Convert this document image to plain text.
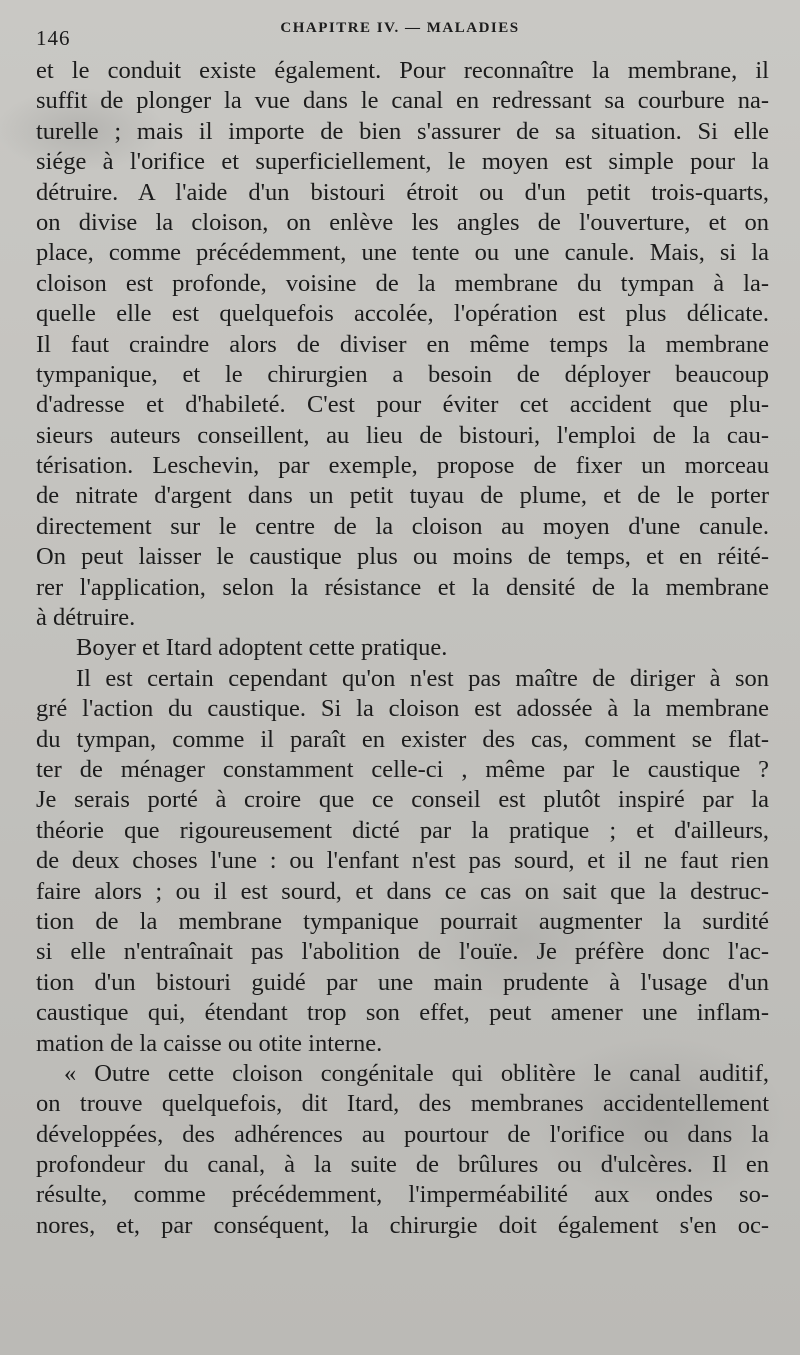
146	CHAPITRE IV. — MALADIES
et le conduit existe également. Pour reconnaître la membrane, il
suffit de plonger la vue dans le canal en redressant sa courbure na-
turelle ; mais il importe de bien s'assurer de sa situation. Si elle
siége à l'orifice et superficiellement, le moyen est simple pour la
détruire. A l'aide d'un bistouri étroit ou d'un petit trois-quarts,
on divise la cloison, on enlève les angles de l'ouverture, et on
place, comme précédemment, une tente ou une canule. Mais, si la
cloison est profonde, voisine de la membrane du tympan à la-
quelle elle est quelquefois accolée, l'opération est plus délicate.
Il faut craindre alors de diviser en même temps la membrane
tympanique, et le chirurgien a besoin de déployer beaucoup
d'adresse et d'habileté. C'est pour éviter cet accident que plu-
sieurs auteurs conseillent, au lieu de bistouri, l'emploi de la cau-
térisation. Leschevin, par exemple, propose de fixer un morceau
de nitrate d'argent dans un petit tuyau de plume, et de le porter
directement sur le centre de la cloison au moyen d'une canule.
On peut laisser le caustique plus ou moins de temps, et en réité-
rer l'application, selon la résistance et la densité de la membrane
à détruire.
Boyer et Itard adoptent cette pratique.
Il est certain cependant qu'on n'est pas maître de diriger à son
gré l'action du caustique. Si la cloison est adossée à la membrane
du tympan, comme il paraît en exister des cas, comment se flat-
ter de ménager constamment celle-ci , même par le caustique ?
Je serais porté à croire que ce conseil est plutôt inspiré par la
théorie que rigoureusement dicté par la pratique ; et d'ailleurs,
de deux choses l'une : ou l'enfant n'est pas sourd, et il ne faut rien
faire alors ; ou il est sourd, et dans ce cas on sait que la destruc-
tion de la membrane tympanique pourrait augmenter la surdité
si elle n'entraînait pas l'abolition de l'ouïe. Je préfère donc l'ac-
tion d'un bistouri guidé par une main prudente à l'usage d'un
caustique qui, étendant trop son effet, peut amener une inflam-
mation de la caisse ou otite interne.
« Outre cette cloison congénitale qui oblitère le canal auditif,
on trouve quelquefois, dit Itard, des membranes accidentellement
développées, des adhérences au pourtour de l'orifice ou dans la
profondeur du canal, à la suite de brûlures ou d'ulcères. Il en
résulte, comme précédemment, l'imperméabilité aux ondes so-
nores, et, par conséquent, la chirurgie doit également s'en oc-
